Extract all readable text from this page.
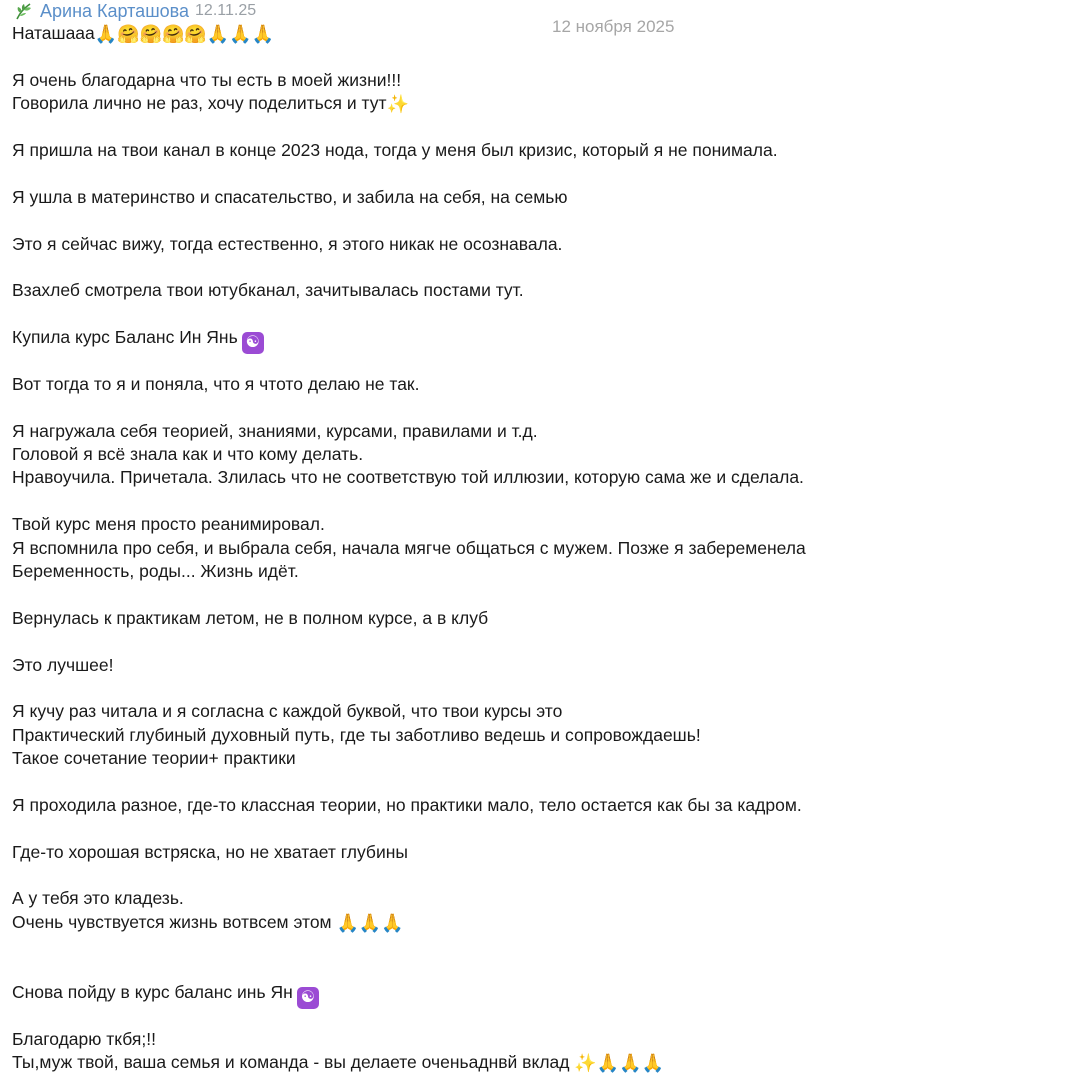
Арина Карташова 12.11.25
12 ноября 2025
Наташааа🙏🤗🤗🤗🤗🙏🙏🙏
Я очень благодарна что ты есть в моей жизни!!!
Говорила лично не раз, хочу поделиться и тут✨
Я пришла на твои канал в конце 2023 нода, тогда у меня был кризис, который я не понимала.
Я ушла в материнство и спасательство, и забила на себя, на семью
Это я сейчас вижу, тогда естественно, я этого никак не осознавала.
Взахлеб смотрела твои ютубканал, зачитывалась постами тут.
Купила курс Баланс Ин Янь ☯
Вот тогда то я и поняла, что я чтото делаю не так.
Я нагружала себя теорией, знаниями, курсами, правилами и т.д.
Головой я всё знала как и что кому делать.
Нравоучила. Причетала. Злилась что не соответствую той иллюзии, которую сама же и сделала.
Твой курс меня просто реанимировал.
Я вспомнила про себя, и выбрала себя, начала мягче общаться с мужем. Позже я забеременела
Беременность, роды... Жизнь идёт.
Вернулась к практикам летом, не в полном курсе, а в клуб
Это лучшее!
Я кучу раз читала и я согласна с каждой буквой, что твои курсы это
Практический глубиный духовный путь, где ты заботливо ведешь и сопровождаешь!
Такое сочетание теории+ практики
Я проходила разное, где-то классная теории, но практики мало, тело остается как бы за кадром.
Где-то хорошая встряска, но не хватает глубины
А у тебя это кладезь.
Очень чувствуется жизнь вотвсем этом 🙏🙏🙏
Снова пойду в курс баланс инь Ян ☯
Благодарю ткбя;!!
Ты,муж твой, ваша семья и команда - вы делаете оченьаднвй вклад ✨🙏🙏🙏
